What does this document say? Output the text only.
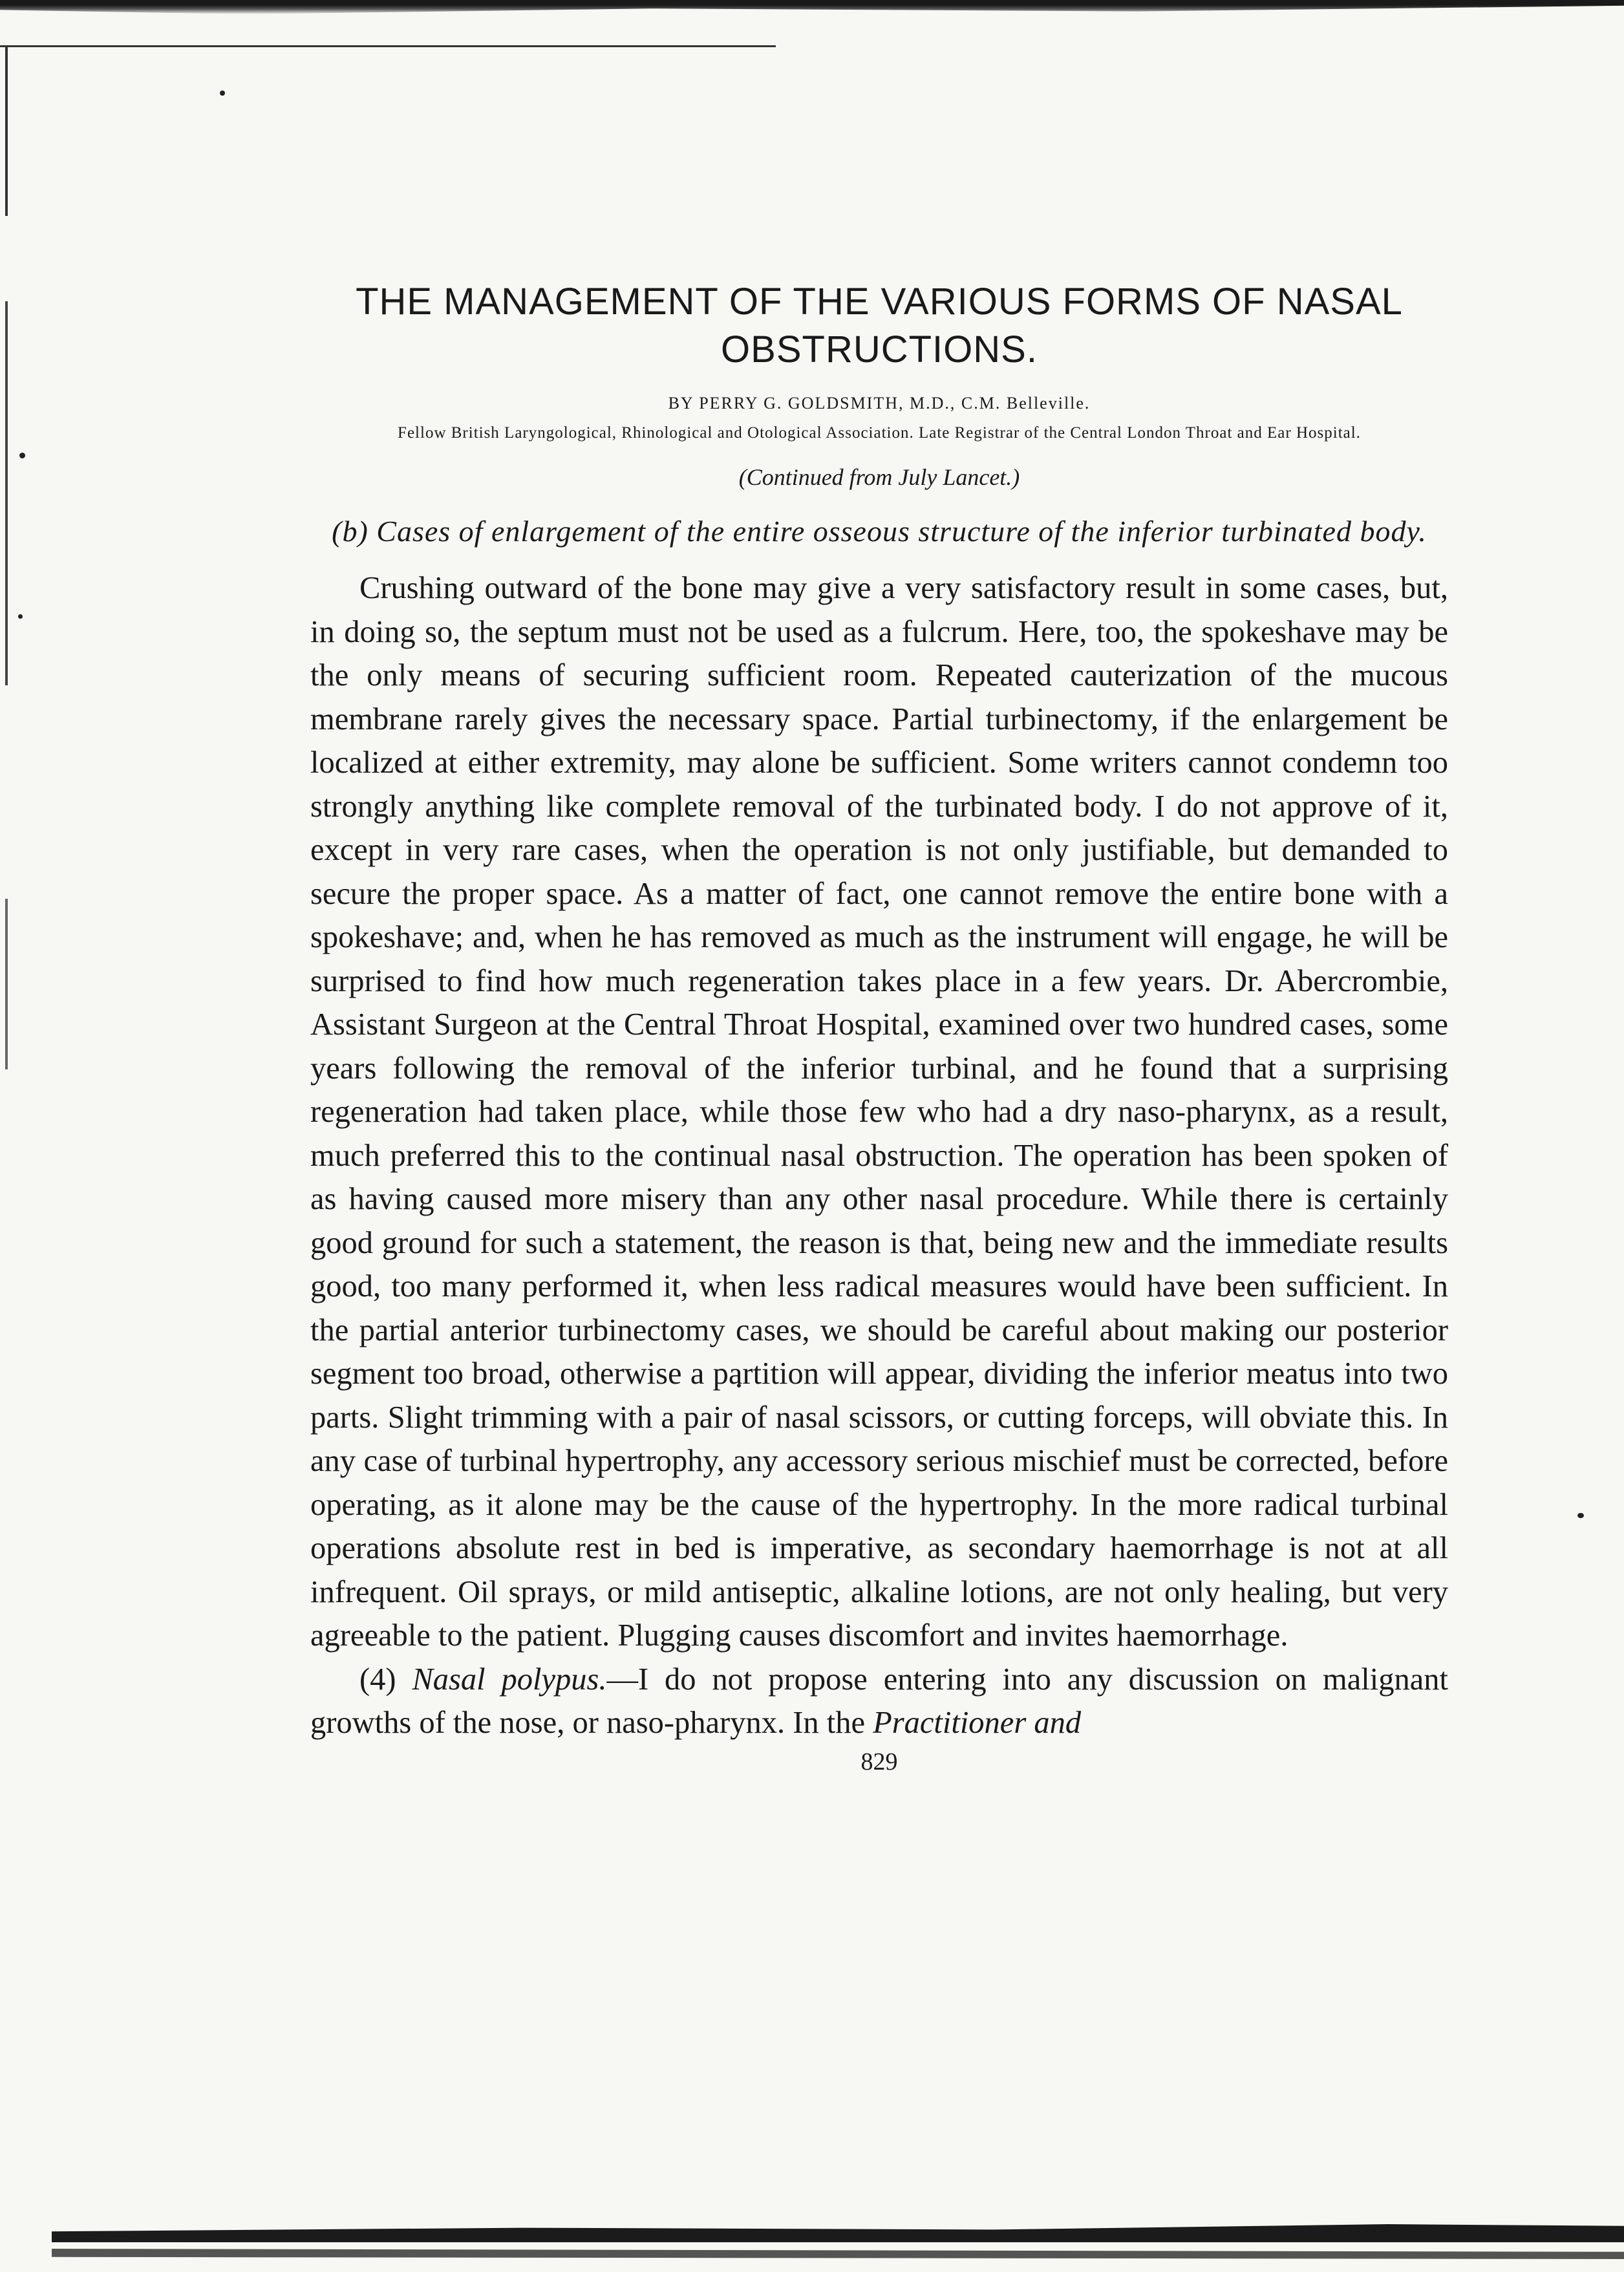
THE MANAGEMENT OF THE VARIOUS FORMS OF NASAL
OBSTRUCTIONS.
BY PERRY G. GOLDSMITH, M.D., C.M. Belleville.
Fellow British Laryngological, Rhinological and Otological Association. Late Registrar of the Central London Throat and Ear Hospital.
(Continued from July Lancet.)
(b) Cases of enlargement of the entire osseous structure of the inferior turbinated body.

Crushing outward of the bone may give a very satisfactory result in some cases, but, in doing so, the septum must not be used as a fulcrum. Here, too, the spokeshave may be the only means of securing sufficient room. Repeated cauterization of the mucous membrane rarely gives the necessary space. Partial turbinectomy, if the enlargement be localized at either extremity, may alone be sufficient. Some writers cannot condemn too strongly anything like complete removal of the turbinated body. I do not approve of it, except in very rare cases, when the operation is not only justifiable, but demanded to secure the proper space. As a matter of fact, one cannot remove the entire bone with a spokeshave; and, when he has removed as much as the instrument will engage, he will be surprised to find how much regeneration takes place in a few years. Dr. Abercrombie, Assistant Surgeon at the Central Throat Hospital, examined over two hundred cases, some years following the removal of the inferior turbinal, and he found that a surprising regeneration had taken place, while those few who had a dry naso-pharynx, as a result, much preferred this to the continual nasal obstruction. The operation has been spoken of as having caused more misery than any other nasal procedure. While there is certainly good ground for such a statement, the reason is that, being new and the immediate results good, too many performed it, when less radical measures would have been sufficient. In the partial anterior turbinectomy cases, we should be careful about making our posterior segment too broad, otherwise a partition will appear, dividing the inferior meatus into two parts. Slight trimming with a pair of nasal scissors, or cutting forceps, will obviate this. In any case of turbinal hypertrophy, any accessory serious mischief must be corrected, before operating, as it alone may be the cause of the hypertrophy. In the more radical turbinal operations absolute rest in bed is imperative, as secondary haemorrhage is not at all infrequent. Oil sprays, or mild antiseptic, alkaline lotions, are not only healing, but very agreeable to the patient. Plugging causes discomfort and invites haemorrhage.

(4) Nasal polypus.—I do not propose entering into any discussion on malignant growths of the nose, or naso-pharynx. In the Practitioner and

829
